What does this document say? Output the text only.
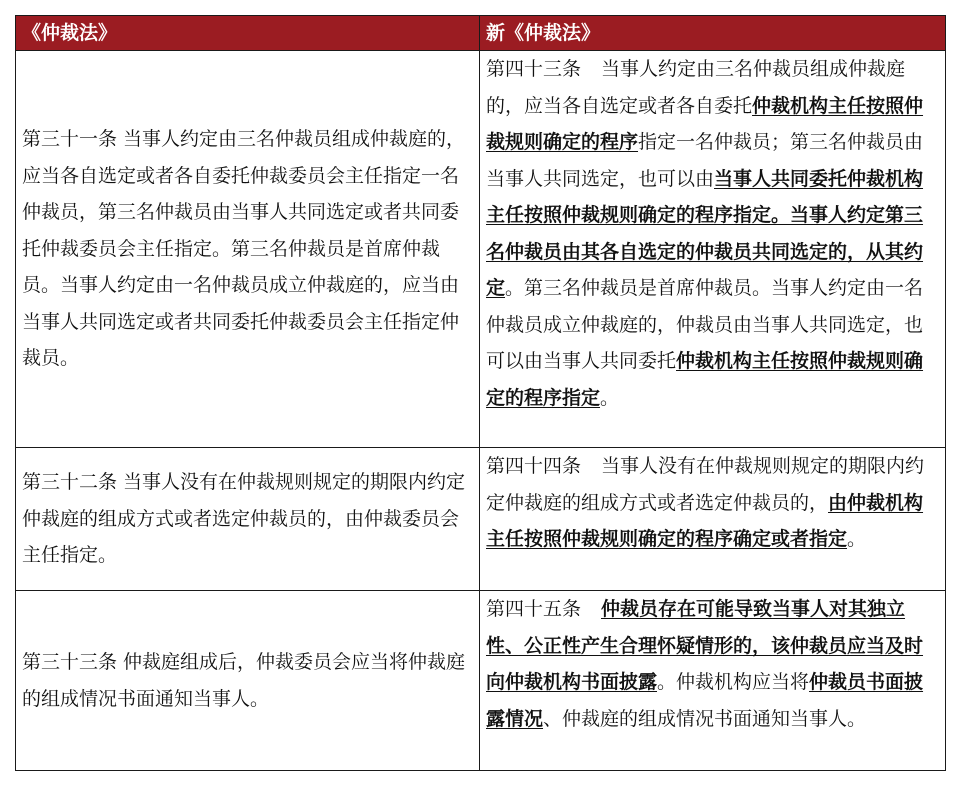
《仲裁法》	新《仲裁法》
第三十一条 当事人约定由三名仲裁员组成仲裁庭的，应当各自选定或者各自委托仲裁委员会主任指定一名仲裁员，第三名仲裁员由当事人共同选定或者共同委托仲裁委员会主任指定。第三名仲裁员是首席仲裁员。当事人约定由一名仲裁员成立仲裁庭的，应当由当事人共同选定或者共同委托仲裁委员会主任指定仲裁员。	第四十三条 当事人约定由三名仲裁员组成仲裁庭的，应当各自选定或者各自委托仲裁机构主任按照仲裁规则确定的程序指定一名仲裁员；第三名仲裁员由当事人共同选定，也可以由当事人共同委托仲裁机构主任按照仲裁规则确定的程序指定。当事人约定第三名仲裁员由其各自选定的仲裁员共同选定的，从其约定。第三名仲裁员是首席仲裁员。当事人约定由一名仲裁员成立仲裁庭的，仲裁员由当事人共同选定，也可以由当事人共同委托仲裁机构主任按照仲裁规则确定的程序指定。
第三十二条 当事人没有在仲裁规则规定的期限内约定仲裁庭的组成方式或者选定仲裁员的，由仲裁委员会主任指定。	第四十四条 当事人没有在仲裁规则规定的期限内约定仲裁庭的组成方式或者选定仲裁员的，由仲裁机构主任按照仲裁规则确定的程序确定或者指定。
第三十三条 仲裁庭组成后，仲裁委员会应当将仲裁庭的组成情况书面通知当事人。	第四十五条 仲裁员存在可能导致当事人对其独立性、公正性产生合理怀疑情形的，该仲裁员应当及时向仲裁机构书面披露。仲裁机构应当将仲裁员书面披露情况、仲裁庭的组成情况书面通知当事人。
